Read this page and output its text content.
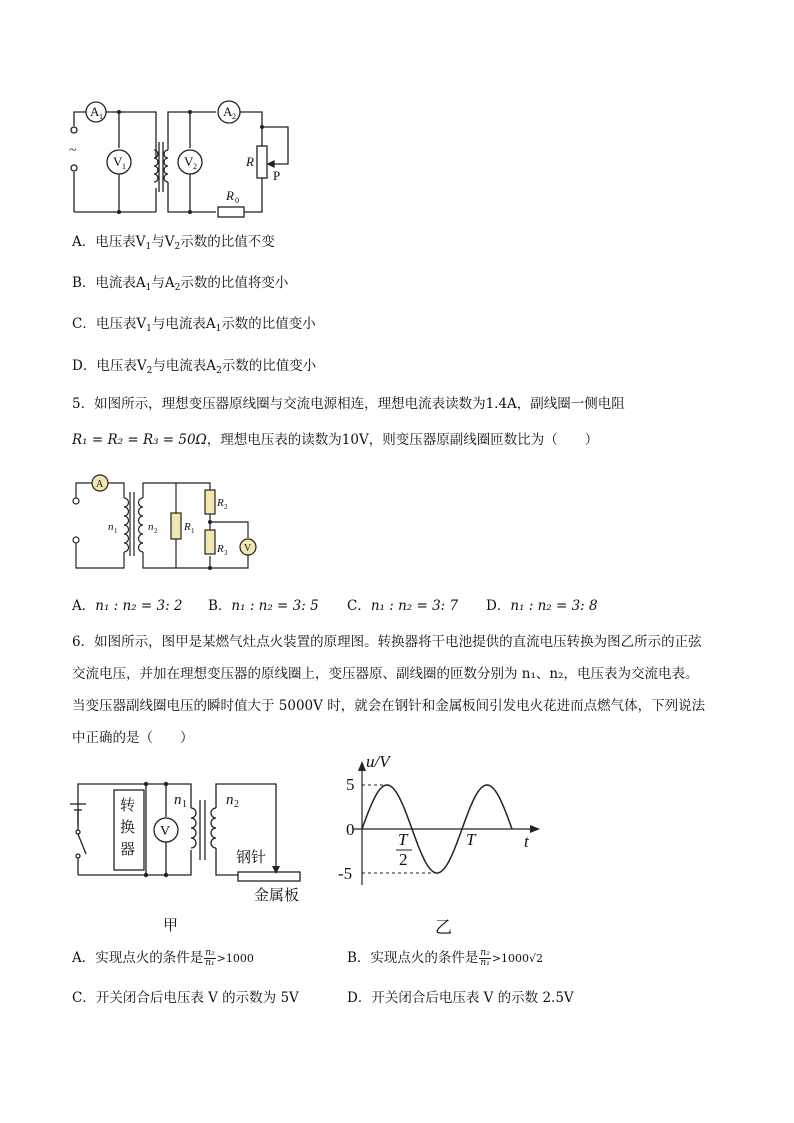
A 1
V 1	V 2
A 2
R
P
R 0
~
A．电压表$V_1$与$V_2$示数的比值不变
B．电流表$A_1$与$A_2$示数的比值将变小
C．电压表$V_1$与电流表$A_1$示数的比值变小
D．电压表$V_2$与电流表$A_2$示数的比值变小
5．如图所示，理想变压器原线圈与交流电源相连，理想电流表读数为1.4A，副线圈一侧电阻
R₁ = R₂ = R₃ = 50Ω，理想电压表的读数为10V，则变压器原副线圈匝数比为（　　）
A
n 1	n 2 R 1
R 2
R 3 V
A．n₁ : n₂ = 3: 2 B．n₁ : n₂ = 3: 5 C．n₁ : n₂ = 3: 7 D．n₁ : n₂ = 3: 8
6．如图所示，图甲是某燃气灶点火装置的原理图。转换器将干电池提供的直流电压转换为图乙所示的正弦
交流电压，并加在理想变压器的原线圈上，变压器原、副线圈的匝数分别为 n₁、n₂，电压表为交流电表。
当变压器副线圈电压的瞬时值大于 5000V 时，就会在钢针和金属板间引发电火花进而点燃气体，下列说法
中正确的是（　　）
转
换
器
V
n 1	n 2
钢针
金属板
甲
u/V
t
5
0
-5
T
2
T
乙
A．实现点火的条件是 $\frac{\text{n₂}}{\text{n₁}} >1000$	B．实现点火的条件是 $\frac{\text{n₂}}{\text{n₁}} >1000√2$
C．开关闭合后电压表 V 的示数为 5V	D．开关闭合后电压表 V 的示数 2.5V
